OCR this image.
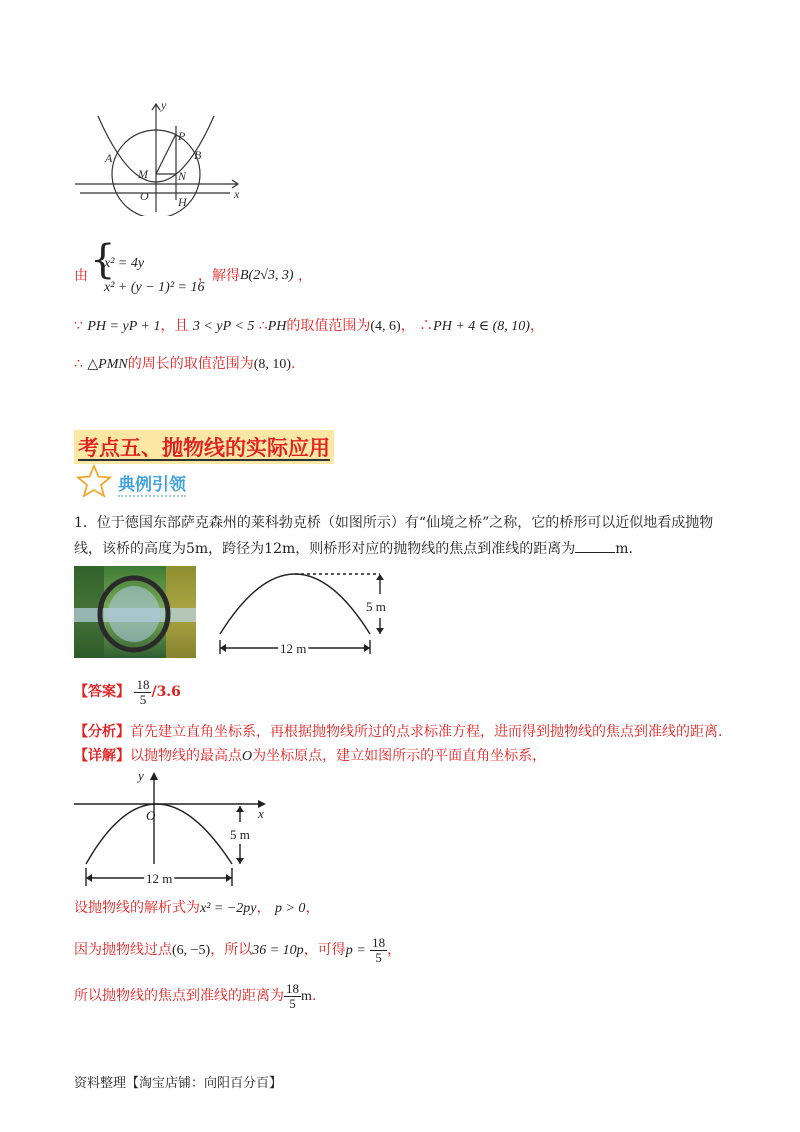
y
x
A	B
P
M	N
O H
由 {
x² = 4y
x² + (y − 1)² = 16
，解得 B(2√3, 3) ，
∵ PH = yP + 1，且 3 < yP < 5 ∴PH的取值范围为(4, 6)， ∴PH + 4 ∈ (8, 10)，
∴ △PMN的周长的取值范围为(8, 10).
考点五、抛物线的实际应用
典例引领
1．位于德国东部萨克森州的莱科勃克桥（如图所示）有“仙境之桥”之称，它的桥形可以近似地看成抛物线，该桥的高度为5m，跨径为12m，则桥形对应的抛物线的焦点到准线的距离为	m.
5 m
12 m
【答案】 $\frac{18}{5} /3.6$
【分析】首先建立直角坐标系，再根据抛物线所过的点求标准方程，进而得到抛物线的焦点到准线的距离.
【详解】以抛物线的最高点O为坐标原点，建立如图所示的平面直角坐标系，
y
x
O
5 m
12 m
设抛物线的解析式为x² = −2py， p > 0，
因为抛物线过点(6, −5)，所以36 = 10p，可得$p = \frac{18}{5}$ ，
所以抛物线的焦点到准线的距离为 $\frac{18}{5} m$.
资料整理【淘宝店铺：向阳百分百】
